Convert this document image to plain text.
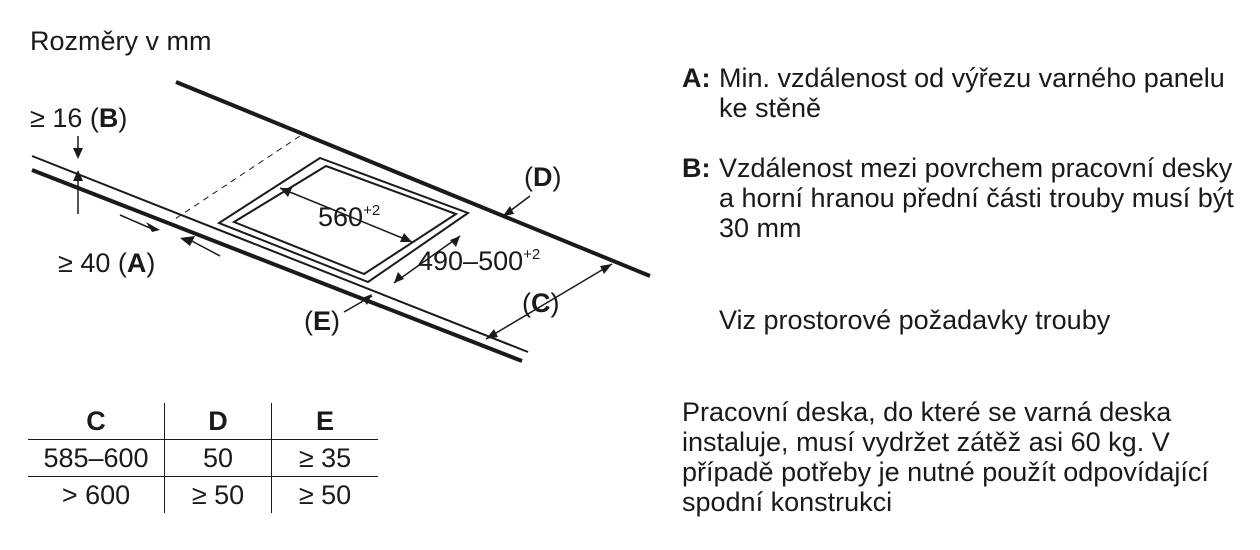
Rozměry v mm
≥ 16 (B)
≥ 40 (A)
$560^{+2}$
$490-500^{+2}$
(D)
(C)
(E)
A: Min. vzdálenost od výřezu varného panelu ke stěně
B: Vzdálenost mezi povrchem pracovní desky a horní hranou přední části trouby musí být 30 mm
Viz prostorové požadavky trouby
Pracovní deska, do které se varná deska instaluje, musí vydržet zátěž asi 60 kg. V případě potřeby je nutné použít odpovídající spodní konstrukci
C	D	E
585–600	50	≥ 35
> 600	≥ 50	≥ 50
